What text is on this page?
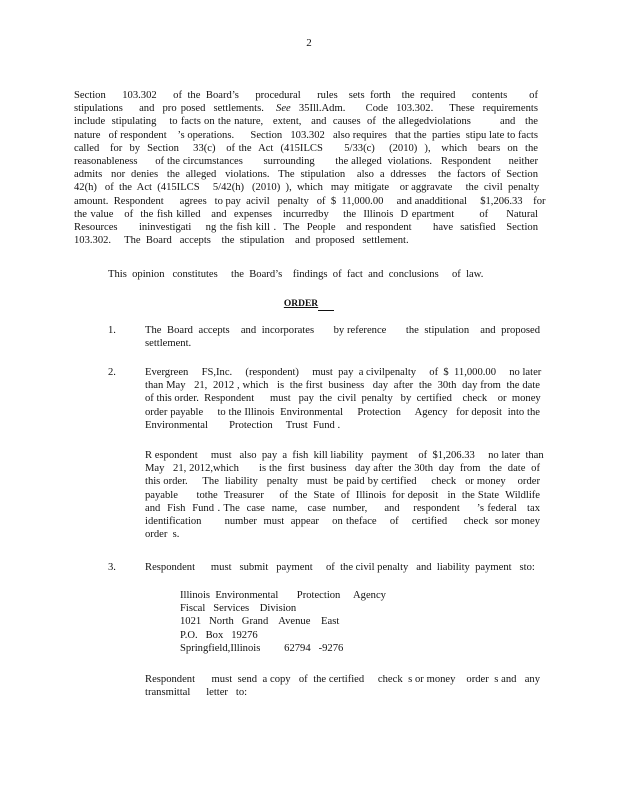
2
Section   103.302   of the Board’s   procedural   rules  sets forth  the required   contents    of
stipulations    and  pro posed  settlements.   See  35Ill.Adm.     Code  103.302.    These  requirements
include  stipulating    to facts on the nature,   extent,   and  causes  of  the allegedviolations         and   the
nature   of respondent    ’s operations.      Section   103.302   also requires   that the  parties  stipu late to facts
called   for  by  Section    33(c)   of the  Act  (415ILCS      5/33(c)    (2010)  ),   which   bears  on  the
reasonableness      of the circumstances       surrounding       the alleged  violations.   Respondent      neither
admits   nor  denies   the  alleged   violations.   The  stipulation    also  a  ddresses    the  factors  of  Section
42(h)   of  the  Act  (415ILCS     5/42(h)   (2010)  ),  which   may  mitigate    or aggravate     the  civil  penalty
amount.  Respondent      agrees   to pay  acivil   penalty   of  $  11,000.00     and anadditional     $1,206.33    for
the value   of  the fish killed   and  expenses   incurredby    the  Illinois  D epartment       of     Natural
Resources      ininvestigati    ng the fish kill .  The  People   and respondent      have  satisfied   Section
103.302.     The  Board   accepts    the  stipulation    and  proposed   settlement.
This  opinion   constitutes     the  Board’s    findings  of  fact  and  conclusions     of  law.
ORDER
1.	The  Board  accepts    and  incorporates       by reference       the  stipulation    and  proposed
settlement.
2.	Evergreen     FS,Inc.     (respondent)     must  pay  a civilpenalty     of  $  11,000.00     no later
than May   21,  2012 , which   is  the first  business   day  after  the  30th  day from  the date
of this order.  Respondent      must   pay  the  civil  penalty   by  certified    check    or  money
order payable     to the Illinois  Environmental     Protection     Agency   for deposit  into the
Environmental        Protection     Trust  Fund .
R espondent     must   also  pay  a  fish  kill liability   payment    of  $1,206.33     no later  than
May   21, 2012,which       is the  first  business   day after  the 30th  day  from   the  date  of
this order.     The  liability   penalty   must  be paid by certified     check   or money    order
payable      tothe  Treasurer     of  the  State  of  Illinois  for deposit   in  the State  Wildlife
and  Fish  Fund . The  case  name,   case  number,     and    respondent     ’s federal   tax
identification       number  must  appear    on theface    of    certified     check  sor money
order  s.
3.	Respondent      must   submit   payment     of  the civil penalty   and  liability  payment   sto:
Illinois  Environmental       Protection     Agency
Fiscal   Services    Division
1021   North   Grand    Avenue    East
P.O.   Box   19276
Springfield,Illinois         62794   -9276
Respondent      must  send  a copy   of  the certified     check  s or money    order  s and   any
transmittal      letter   to:
